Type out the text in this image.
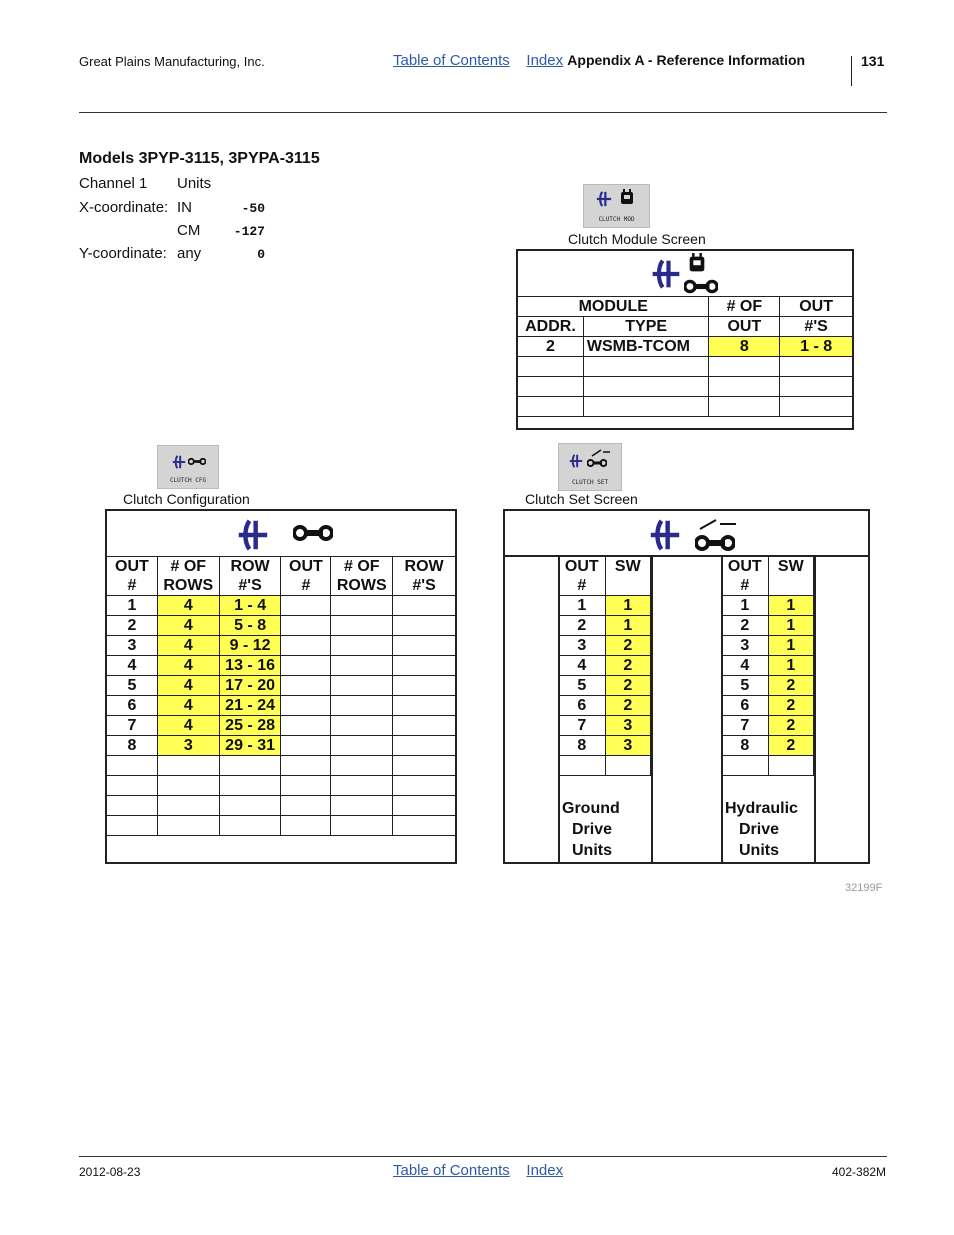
Great Plains Manufacturing, Inc.	Table of Contents Index Appendix A - Reference Information	131
Models 3PYP-3115, 3PYPA-3115
Channel 1 Units
X-coordinate: IN	-50
CM	-127
Y-coordinate: any	0
CLUTCH MOD
Clutch Module Screen
MODULE		# OF	OUT
ADDR.	TYPE	OUT	#'S
2	WSMB-TCOM	8	1 - 8

CLUTCH CFG
Clutch Configuration
OUT	# OF	ROW	OUT	# OF	ROW
#	ROWS	#'S	#	ROWS	#'S
1	4	1 - 4			
2	4	5 - 8			
3	4	9 - 12			
4	4	13 - 16			
5	4	17 - 20			
6	4	21 - 24			
7	4	25 - 28			
8	3	29 - 31			

CLUTCH SET
Clutch Set Screen
OUT	SW
#	
1	1
2	1
3	2
4	2
5	2
6	2
7	3
8	3

OUT	SW
#	
1	1
2	1
3	1
4	1
5	2
6	2
7	2
8	2

Ground
Drive
Units
Hydraulic
Drive
Units
32199F
2012-08-23	Table of Contents Index	402-382M
